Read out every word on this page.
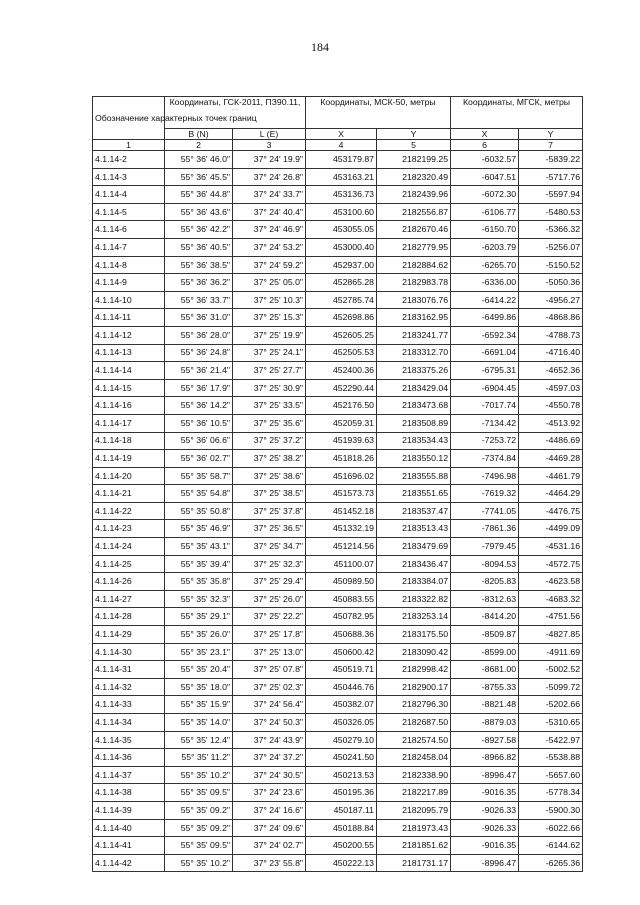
184
Обозначение характерных точек границ	Координаты, ГСК-2011, ПЗ90.11,
° ' "		Координаты, МСК-50, метры		Координаты, МГСК, метры	
	B (N)	L (E)	X	Y	X	Y
1	2	3	4	5	6	7
4.1.14-2	55° 36' 46.0"	37° 24' 19.9"	453179.87	2182199.25	-6032.57	-5839.22
4.1.14-3	55° 36' 45.5"	37° 24' 26.8"	453163.21	2182320.49	-6047.51	-5717.76
4.1.14-4	55° 36' 44.8"	37° 24' 33.7"	453136.73	2182439.96	-6072.30	-5597.94
4.1.14-5	55° 36' 43.6"	37° 24' 40.4"	453100.60	2182556.87	-6106.77	-5480.53
4.1.14-6	55° 36' 42.2"	37° 24' 46.9"	453055.05	2182670.46	-6150.70	-5366.32
4.1.14-7	55° 36' 40.5"	37° 24' 53.2"	453000.40	2182779.95	-6203.79	-5256.07
4.1.14-8	55° 36' 38.5"	37° 24' 59.2"	452937.00	2182884.62	-6265.70	-5150.52
4.1.14-9	55° 36' 36.2"	37° 25' 05.0"	452865.28	2182983.78	-6336.00	-5050.36
4.1.14-10	55° 36' 33.7"	37° 25' 10.3"	452785.74	2183076.76	-6414.22	-4956.27
4.1.14-11	55° 36' 31.0"	37° 25' 15.3"	452698.86	2183162.95	-6499.86	-4868.86
4.1.14-12	55° 36' 28.0"	37° 25' 19.9"	452605.25	2183241.77	-6592.34	-4788.73
4.1.14-13	55° 36' 24.8"	37° 25' 24.1"	452505.53	2183312.70	-6691.04	-4716.40
4.1.14-14	55° 36' 21.4"	37° 25' 27.7"	452400.36	2183375.26	-6795.31	-4652.36
4.1.14-15	55° 36' 17.9"	37° 25' 30.9"	452290.44	2183429.04	-6904.45	-4597.03
4.1.14-16	55° 36' 14.2"	37° 25' 33.5"	452176.50	2183473.68	-7017.74	-4550.78
4.1.14-17	55° 36' 10.5"	37° 25' 35.6"	452059.31	2183508.89	-7134.42	-4513.92
4.1.14-18	55° 36' 06.6"	37° 25' 37.2"	451939.63	2183534.43	-7253.72	-4486.69
4.1.14-19	55° 36' 02.7"	37° 25' 38.2"	451818.26	2183550.12	-7374.84	-4469.28
4.1.14-20	55° 35' 58.7"	37° 25' 38.6"	451696.02	2183555.88	-7496.98	-4461.79
4.1.14-21	55° 35' 54.8"	37° 25' 38.5"	451573.73	2183551.65	-7619.32	-4464.29
4.1.14-22	55° 35' 50.8"	37° 25' 37.8"	451452.18	2183537.47	-7741.05	-4476.75
4.1.14-23	55° 35' 46.9"	37° 25' 36.5"	451332.19	2183513.43	-7861.36	-4499.09
4.1.14-24	55° 35' 43.1"	37° 25' 34.7"	451214.56	2183479.69	-7979.45	-4531.16
4.1.14-25	55° 35' 39.4"	37° 25' 32.3"	451100.07	2183436.47	-8094.53	-4572.75
4.1.14-26	55° 35' 35.8"	37° 25' 29.4"	450989.50	2183384.07	-8205.83	-4623.58
4.1.14-27	55° 35' 32.3"	37° 25' 26.0"	450883.55	2183322.82	-8312.63	-4683.32
4.1.14-28	55° 35' 29.1"	37° 25' 22.2"	450782.95	2183253.14	-8414.20	-4751.56
4.1.14-29	55° 35' 26.0"	37° 25' 17.8"	450688.36	2183175.50	-8509.87	-4827.85
4.1.14-30	55° 35' 23.1"	37° 25' 13.0"	450600.42	2183090.42	-8599.00	-4911.69
4.1.14-31	55° 35' 20.4"	37° 25' 07.8"	450519.71	2182998.42	-8681.00	-5002.52
4.1.14-32	55° 35' 18.0"	37° 25' 02.3"	450446.76	2182900.17	-8755.33	-5099.72
4.1.14-33	55° 35' 15.9"	37° 24' 56.4"	450382.07	2182796.30	-8821.48	-5202.66
4.1.14-34	55° 35' 14.0"	37° 24' 50.3"	450326.05	2182687.50	-8879.03	-5310.65
4.1.14-35	55° 35' 12.4"	37° 24' 43.9"	450279.10	2182574.50	-8927.58	-5422.97
4.1.14-36	55° 35' 11.2"	37° 24' 37.2"	450241.50	2182458.04	-8966.82	-5538.88
4.1.14-37	55° 35' 10.2"	37° 24' 30.5"	450213.53	2182338.90	-8996.47	-5657.60
4.1.14-38	55° 35' 09.5"	37° 24' 23.6"	450195.36	2182217.89	-9016.35	-5778.34
4.1.14-39	55° 35' 09.2"	37° 24' 16.6"	450187.11	2182095.79	-9026.33	-5900.30
4.1.14-40	55° 35' 09.2"	37° 24' 09.6"	450188.84	2181973.43	-9026.33	-6022.66
4.1.14-41	55° 35' 09.5"	37° 24' 02.7"	450200.55	2181851.62	-9016.35	-6144.62
4.1.14-42	55° 35' 10.2"	37° 23' 55.8"	450222.13	2181731.17	-8996.47	-6265.36
